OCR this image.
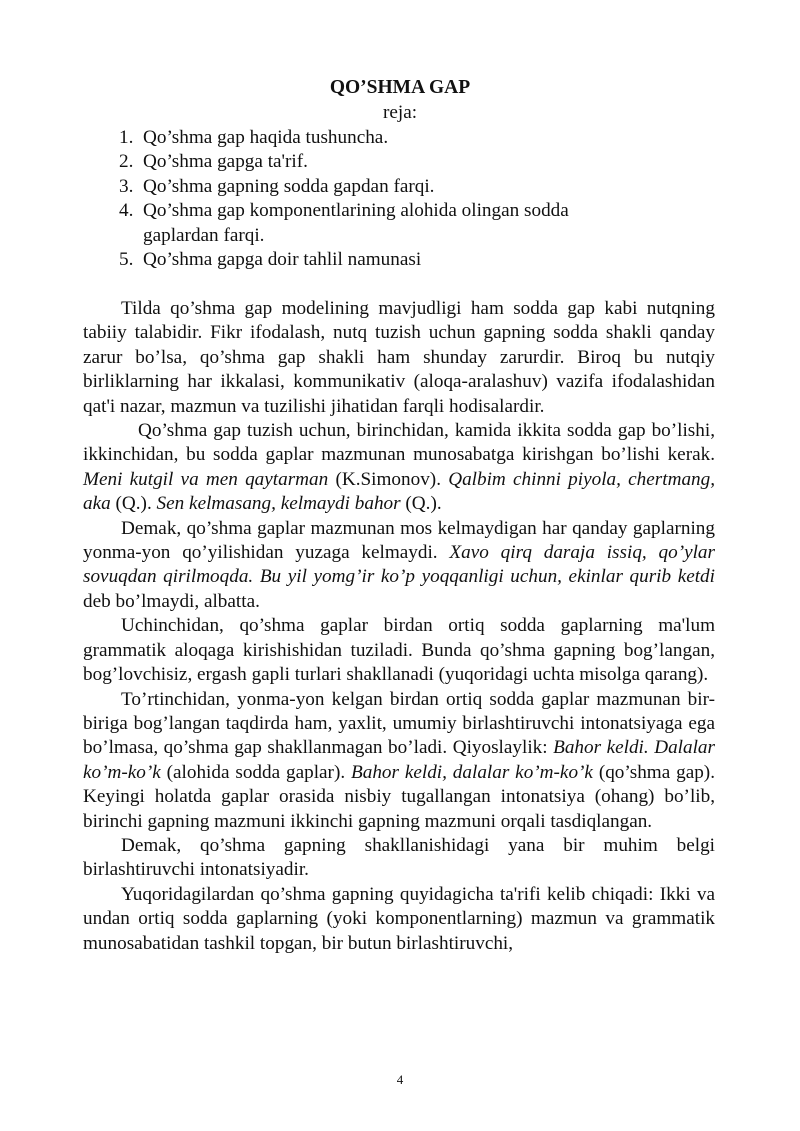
QO’SHMA GAP
reja:
1. Qo’shma gap haqida tushuncha.
2. Qo’shma gapga ta'rif.
3. Qo’shma gapning sodda gapdan farqi.
4. Qo’shma gap komponentlarining alohida olingan sodda gaplardan farqi.
5. Qo’shma gapga doir tahlil namunasi

Tilda qo’shma gap modelining mavjudligi ham sodda gap kabi nutqning tabiiy talabidir. Fikr ifodalash, nutq tuzish uchun gapning sodda shakli qanday zarur bo’lsa, qo’shma gap shakli ham shunday zarurdir. Biroq bu nutqiy birliklarning har ikkalasi, kommunikativ (aloqa-aralashuv) vazifa ifodalashidan qat'i nazar, mazmun va tuzilishi jihatidan farqli hodisalardir.

Qo’shma gap tuzish uchun, birinchidan, kamida ikkita sodda gap bo’lishi, ikkinchidan, bu sodda gaplar mazmunan munosabatga kirishgan bo’lishi kerak. Meni kutgil va men qaytarman (K.Simonov). Qalbim chinni piyola, chertmang, aka (Q.). Sen kelmasang, kelmaydi bahor (Q.).

Demak, qo’shma gaplar mazmunan mos kelmaydigan har qanday gaplarning yonma-yon qo’yilishidan yuzaga kelmaydi. Xavo qirq daraja issiq, qo’ylar sovuqdan qirilmoqda. Bu yil yomg’ir ko’p yoqqanligi uchun, ekinlar qurib ketdi deb bo’lmaydi, albatta.

Uchinchidan, qo’shma gaplar birdan ortiq sodda gaplarning ma'lum grammatik aloqaga kirishishidan tuziladi. Bunda qo’shma gapning bog’langan, bog’lovchisiz, ergash gapli turlari shakllanadi (yuqoridagi uchta misolga qarang).

To’rtinchidan, yonma-yon kelgan birdan ortiq sodda gaplar mazmunan bir-biriga bog’langan taqdirda ham, yaxlit, umumiy birlashtiruvchi intonatsiyaga ega bo’lmasa, qo’shma gap shakllanmagan bo’ladi. Qiyoslaylik: Bahor keldi. Dalalar ko’m-ko’k (alohida sodda gaplar). Bahor keldi, dalalar ko’m-ko’k (qo’shma gap). Keyingi holatda gaplar orasida nisbiy tugallangan intonatsiya (ohang) bo’lib, birinchi gapning mazmuni ikkinchi gapning mazmuni orqali tasdiqlangan.

Demak, qo’shma gapning shakllanishidagi yana bir muhim belgi birlashtiruvchi intonatsiyadir.

Yuqoridagilardan qo’shma gapning quyidagicha ta'rifi kelib chiqadi: Ikki va undan ortiq sodda gaplarning (yoki komponentlarning) mazmun va grammatik munosabatidan tashkil topgan, bir butun birlashtiruvchi,

4
